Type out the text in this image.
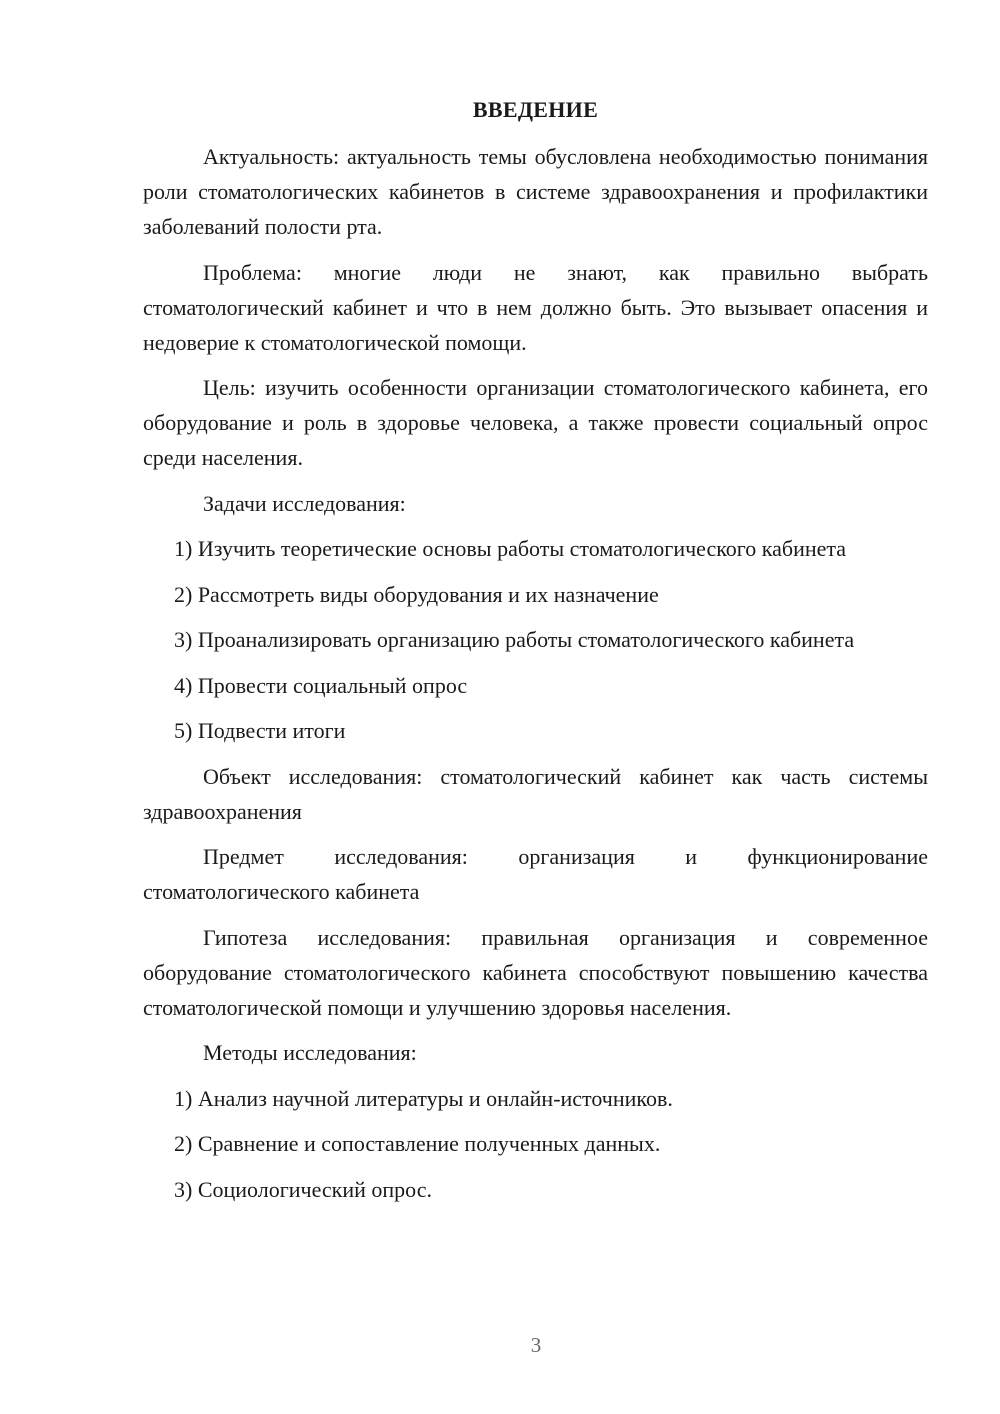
ВВЕДЕНИЕ

Актуальность: актуальность темы обусловлена необходимостью понимания роли стоматологических кабинетов в системе здравоохранения и профилактики заболеваний полости рта.

Проблема: многие люди не знают, как правильно выбрать стоматологический кабинет и что в нем должно быть. Это вызывает опасения и недоверие к стоматологической помощи.

Цель: изучить особенности организации стоматологического кабинета, его оборудование и роль в здоровье человека, а также провести социальный опрос среди населения.

Задачи исследования:

1) Изучить теоретические основы работы стоматологического кабинета

2) Рассмотреть виды оборудования и их назначение

3) Проанализировать организацию работы стоматологического кабинета

4) Провести социальный опрос

5) Подвести итоги

Объект исследования: стоматологический кабинет как часть системы здравоохранения

Предмет исследования: организация и функционирование стоматологического кабинета

Гипотеза исследования: правильная организация и современное оборудование стоматологического кабинета способствуют повышению качества стоматологической помощи и улучшению здоровья населения.

Методы исследования:

1) Анализ научной литературы и онлайн-источников.

2) Сравнение и сопоставление полученных данных.

3) Социологический опрос.

3
